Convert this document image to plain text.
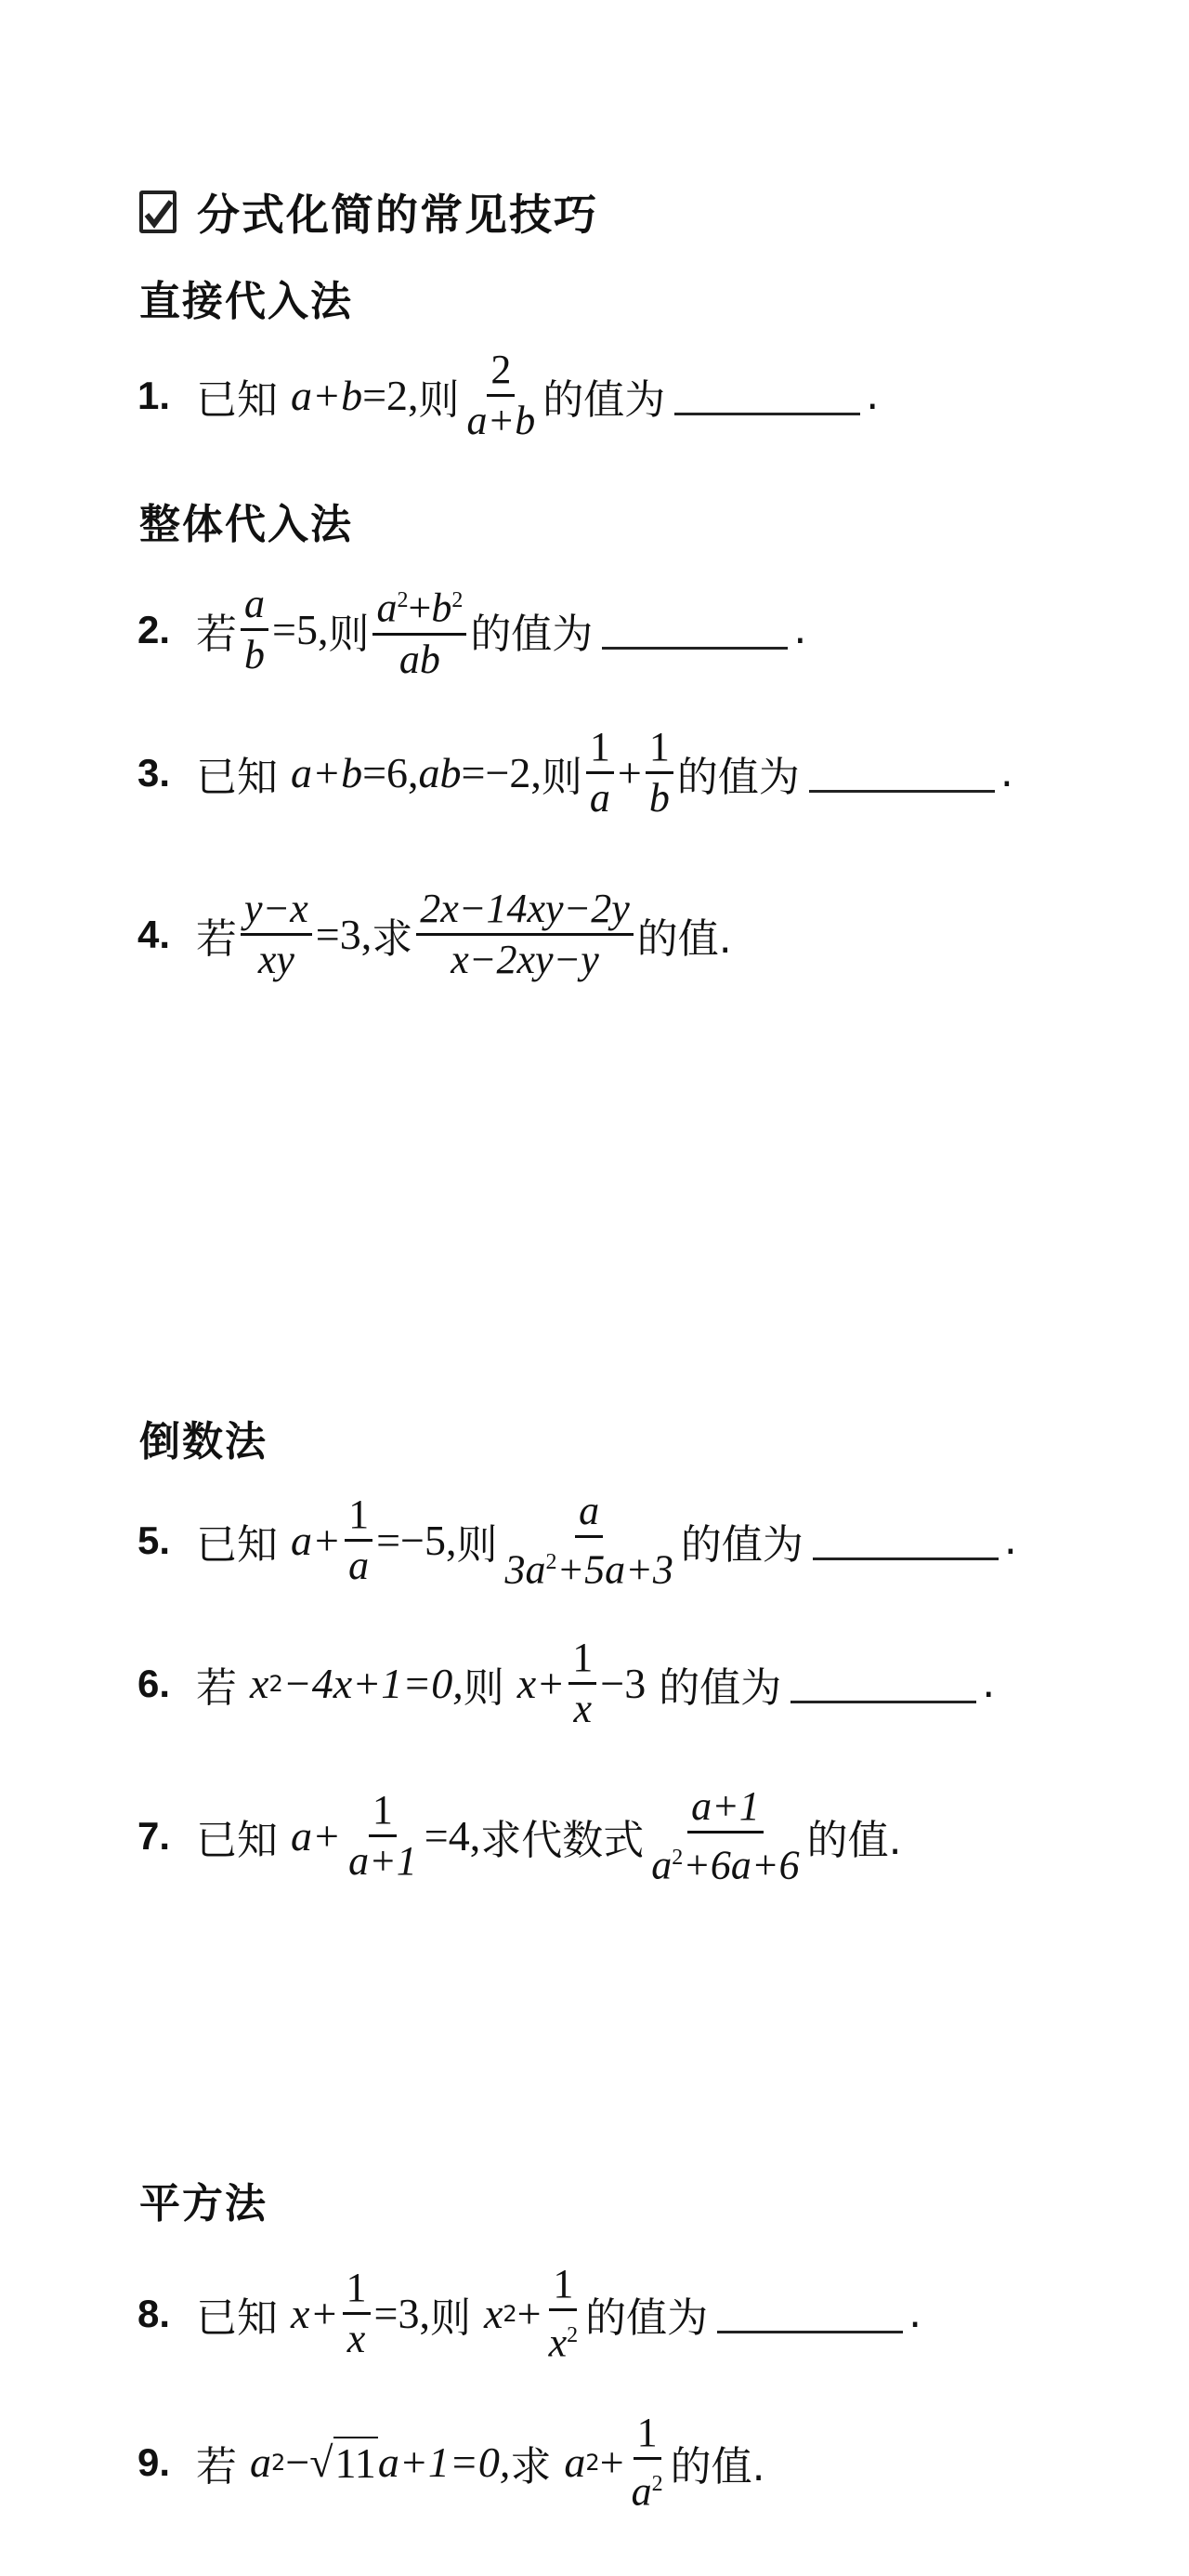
分式化简的常见技巧
直接代入法
1. 已知
a+b =2, 则 $\frac{2}{a+b}$ 的值为	.
整体代入法
2. 若 $\frac{a}{b} =5$, 则 $\frac{a^2+b^2}{ab}$ 的值为	.
3. 已知
a+b =6, ab =−2, 则 $\frac{1}{a} + \frac{1}{b}$ 的值为	.
4. 若 $\frac{y-x}{xy} =3$, 求 $\frac{2x-14xy-2y}{x-2xy-y}$ 的值.
倒数法
5. 已知
$a+ \frac{1}{a} =-5$, 则 $\frac{a}{3a^2+5a+3}$ 的值为	.
6. 若
x 2 −4x+1=0, 则
$x+ \frac{1}{x} -3$
的值为	.
7. 已知
$a+ \frac{1}{a+1} =4$, 求代数式 $\frac{a+1}{a^2+6a+6}$ 的值.
平方法
8. 已知
$x+ \frac{1}{x} =3$, 则
x $2 + \frac{1}{x^2}$ 的值为	.
9. 若
a 2 −√ 11 a+1=0, 求
a $2 + \frac{1}{a^2}$ 的值.
